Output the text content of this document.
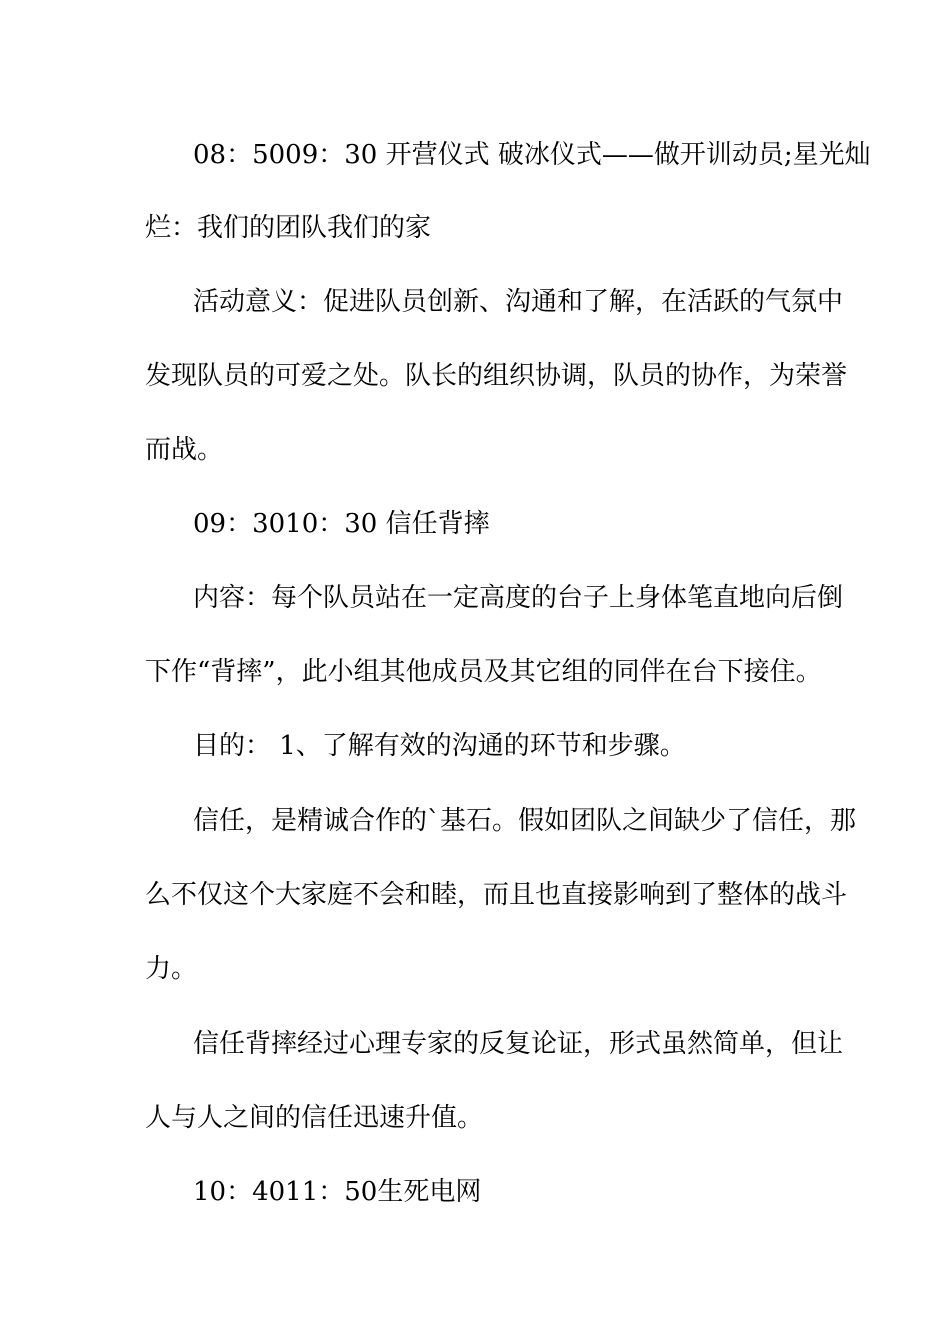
08：5009：30 开营仪式 破冰仪式——做开训动员;星光灿

烂：我们的团队我们的家

活动意义：促进队员创新、沟通和了解，在活跃的气氛中

发现队员的可爱之处。队长的组织协调，队员的协作，为荣誉

而战。

09：3010：30 信任背摔

内容：每个队员站在一定高度的台子上身体笔直地向后倒

下作“背摔”，此小组其他成员及其它组的同伴在台下接住。

目的： 1、了解有效的沟通的环节和步骤。

信任，是精诚合作的`基石。假如团队之间缺少了信任，那

么不仅这个大家庭不会和睦，而且也直接影响到了整体的战斗

力。

信任背摔经过心理专家的反复论证，形式虽然简单，但让

人与人之间的信任迅速升值。

10：4011：50生死电网
